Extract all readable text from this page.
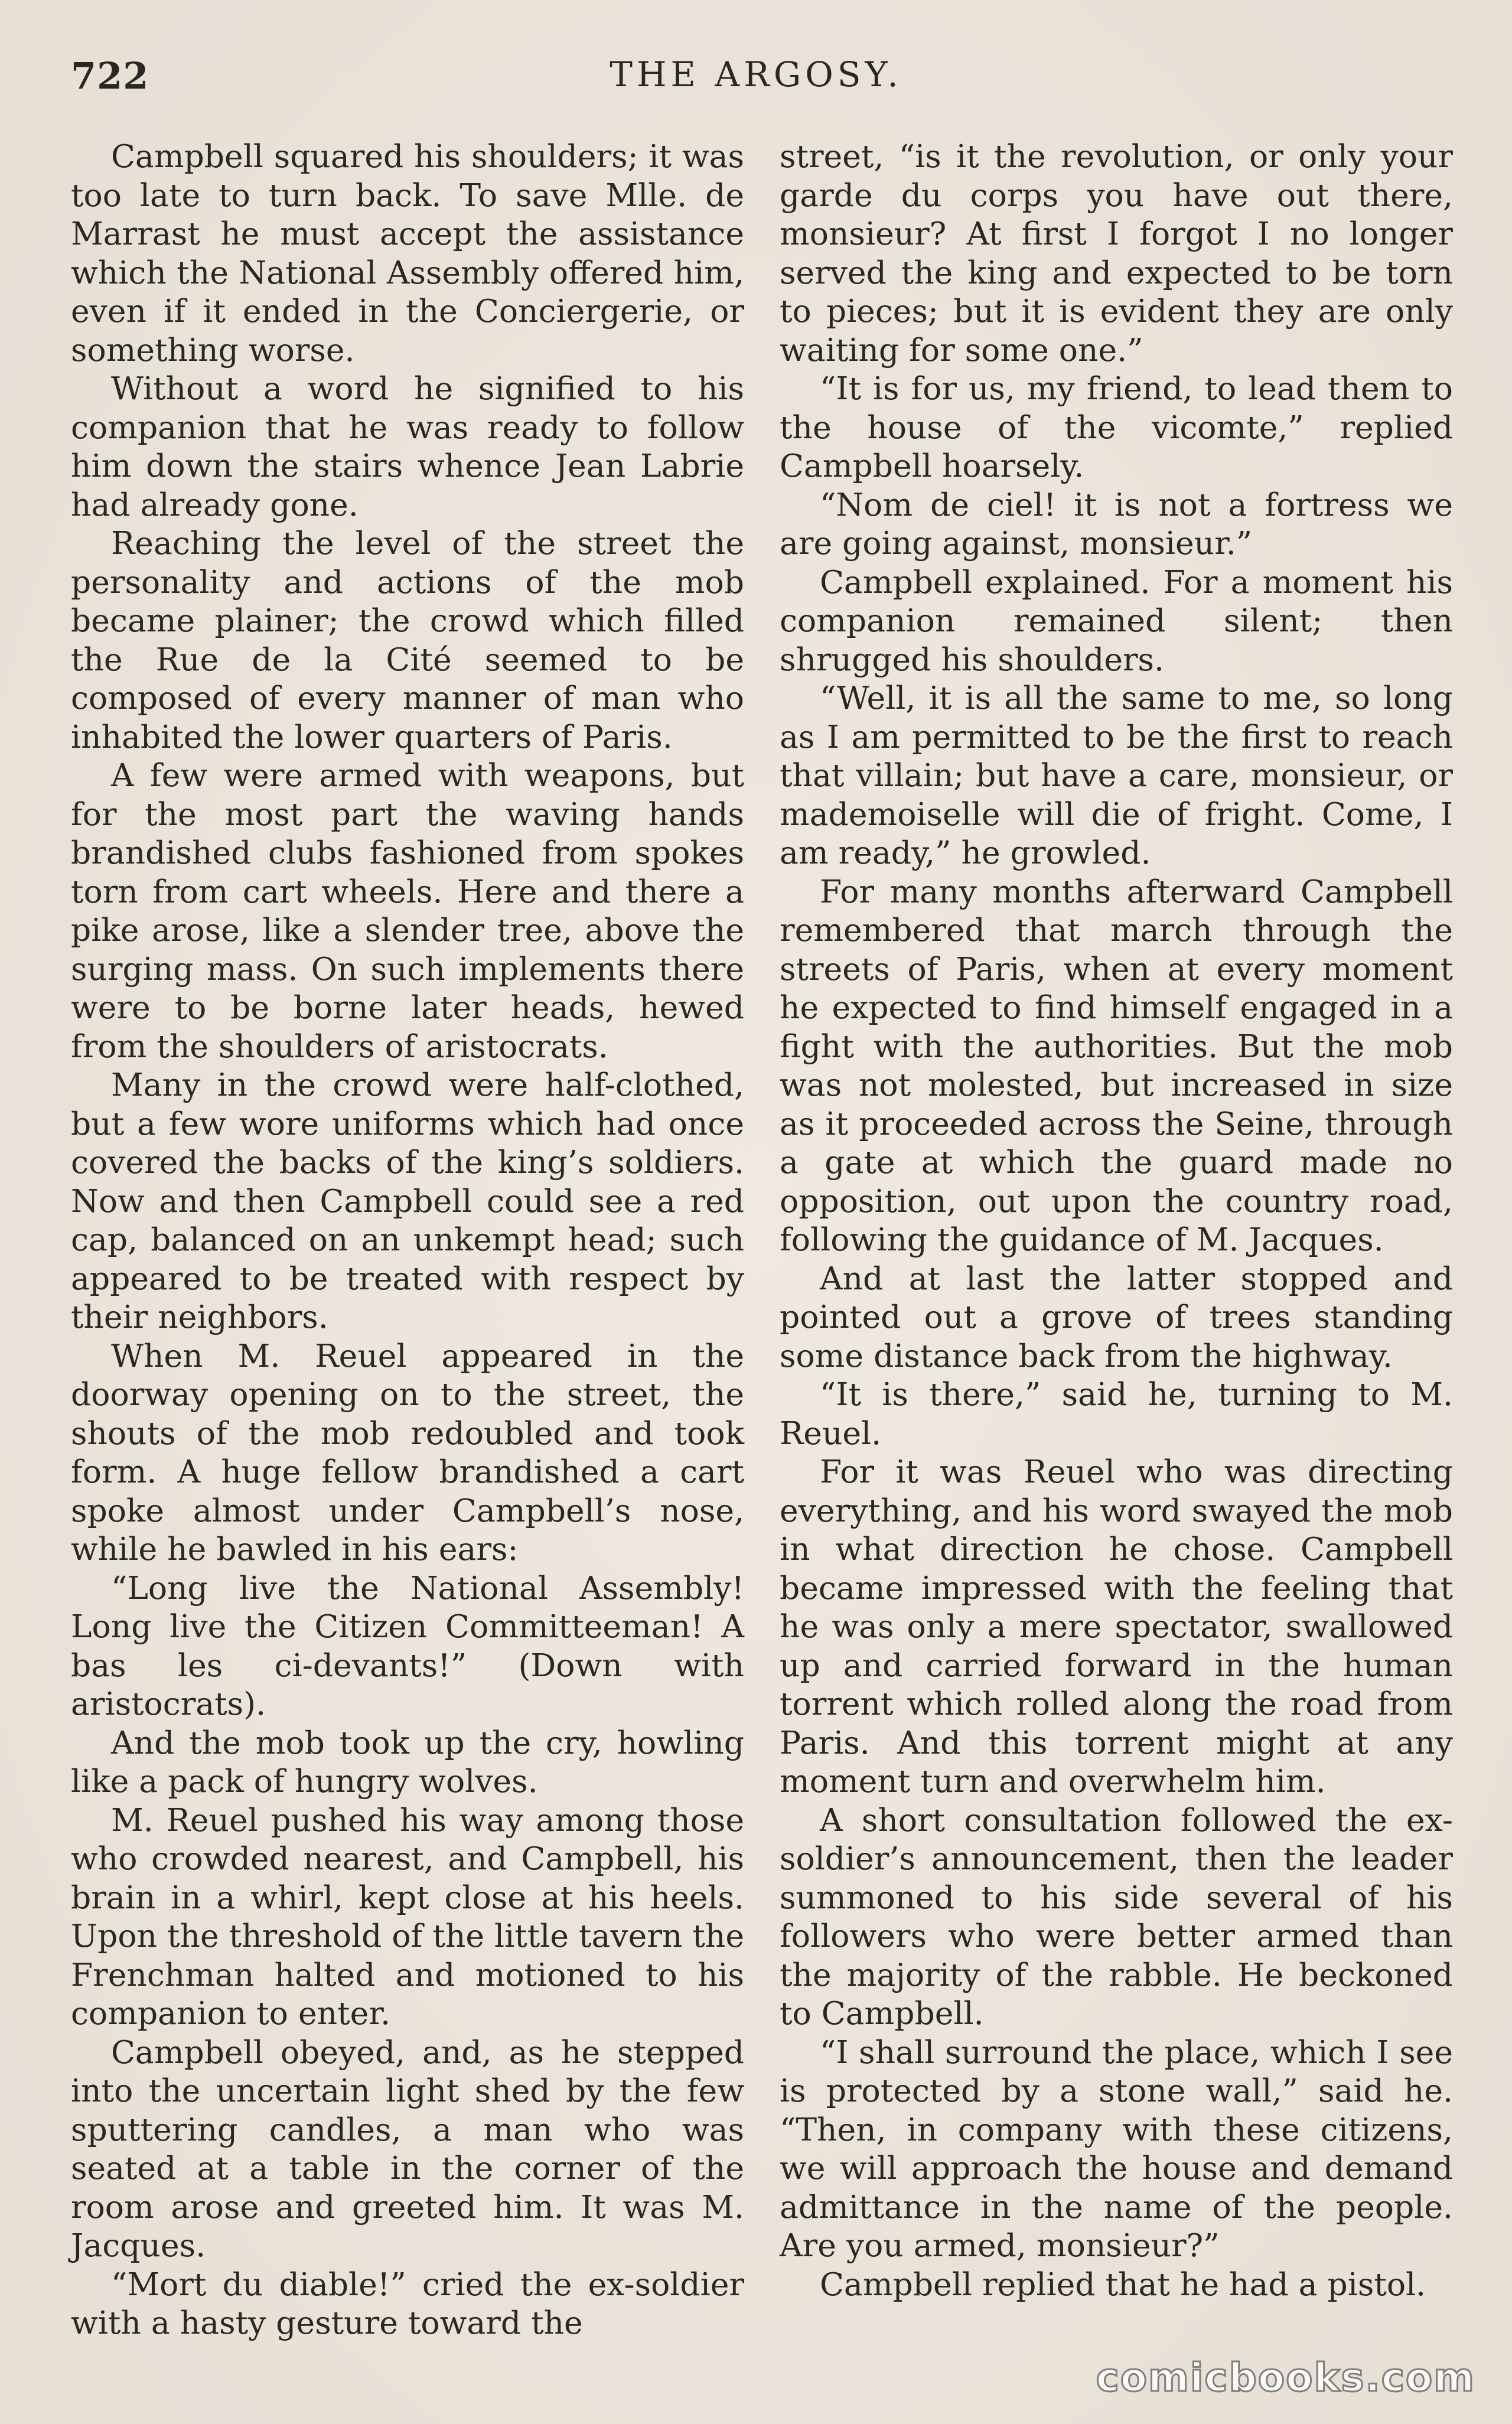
722	THE ARGOSY.

Campbell squared his shoulders; it was too late to turn back. To save Mlle. de Marrast he must accept the assistance which the National Assembly offered him, even if it ended in the Conciergerie, or something worse.

Without a word he signified to his companion that he was ready to follow him down the stairs whence Jean Labrie had already gone.

Reaching the level of the street the personality and actions of the mob became plainer; the crowd which filled the Rue de la Cité seemed to be composed of every manner of man who inhabited the lower quarters of Paris.

A few were armed with weapons, but for the most part the waving hands brandished clubs fashioned from spokes torn from cart wheels. Here and there a pike arose, like a slender tree, above the surging mass. On such implements there were to be borne later heads, hewed from the shoulders of aristocrats.

Many in the crowd were half-clothed, but a few wore uniforms which had once covered the backs of the king’s soldiers. Now and then Campbell could see a red cap, balanced on an unkempt head; such appeared to be treated with respect by their neighbors.

When M. Reuel appeared in the doorway opening on to the street, the shouts of the mob redoubled and took form. A huge fellow brandished a cart spoke almost under Campbell’s nose, while he bawled in his ears:

“Long live the National Assembly! Long live the Citizen Committeeman! A bas les ci-devants!” (Down with aristocrats).

And the mob took up the cry, howling like a pack of hungry wolves.

M. Reuel pushed his way among those who crowded nearest, and Campbell, his brain in a whirl, kept close at his heels. Upon the threshold of the little tavern the Frenchman halted and motioned to his companion to enter.

Campbell obeyed, and, as he stepped into the uncertain light shed by the few sputtering candles, a man who was seated at a table in the corner of the room arose and greeted him. It was M. Jacques.

“Mort du diable!” cried the ex-soldier with a hasty gesture toward the

street, “is it the revolution, or only your garde du corps you have out there, monsieur? At first I forgot I no longer served the king and expected to be torn to pieces; but it is evident they are only waiting for some one.”

“It is for us, my friend, to lead them to the house of the vicomte,” replied Campbell hoarsely.

“Nom de ciel! it is not a fortress we are going against, monsieur.”

Campbell explained. For a moment his companion remained silent; then shrugged his shoulders.

“Well, it is all the same to me, so long as I am permitted to be the first to reach that villain; but have a care, monsieur, or mademoiselle will die of fright. Come, I am ready,” he growled.

For many months afterward Campbell remembered that march through the streets of Paris, when at every moment he expected to find himself engaged in a fight with the authorities. But the mob was not molested, but increased in size as it proceeded across the Seine, through a gate at which the guard made no opposition, out upon the country road, following the guidance of M. Jacques.

And at last the latter stopped and pointed out a grove of trees standing some distance back from the highway.

“It is there,” said he, turning to M. Reuel.

For it was Reuel who was directing everything, and his word swayed the mob in what direction he chose. Campbell became impressed with the feeling that he was only a mere spectator, swallowed up and carried forward in the human torrent which rolled along the road from Paris. And this torrent might at any moment turn and overwhelm him.

A short consultation followed the ex-soldier’s announcement, then the leader summoned to his side several of his followers who were better armed than the majority of the rabble. He beckoned to Campbell.

“I shall surround the place, which I see is protected by a stone wall,” said he. “Then, in company with these citizens, we will approach the house and demand admittance in the name of the people. Are you armed, monsieur?”

Campbell replied that he had a pistol.

comicbooks.com
